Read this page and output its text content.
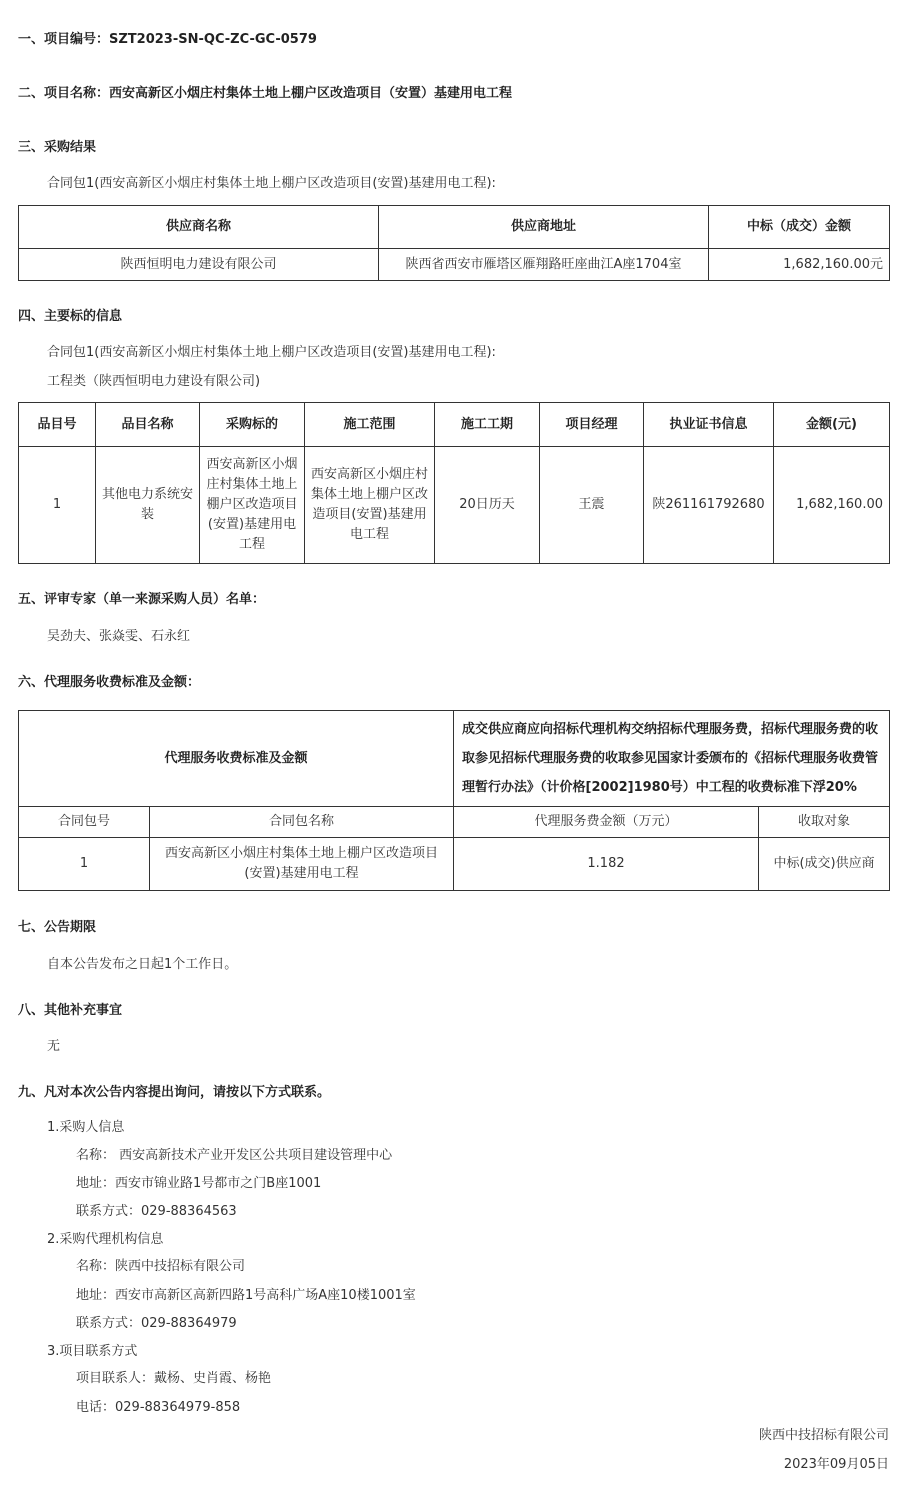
一、项目编号：SZT2023-SN-QC-ZC-GC-0579
二、项目名称：西安高新区小烟庄村集体土地上棚户区改造项目（安置）基建用电工程
三、采购结果
合同包1(西安高新区小烟庄村集体土地上棚户区改造项目(安置)基建用电工程):
供应商名称	供应商地址	中标（成交）金额
陕西恒明电力建设有限公司	陕西省西安市雁塔区雁翔路旺座曲江A座1704室	1,682,160.00元
四、主要标的信息
合同包1(西安高新区小烟庄村集体土地上棚户区改造项目(安置)基建用电工程):
工程类（陕西恒明电力建设有限公司)
品目号	品目名称	采购标的	施工范围	施工工期	项目经理	执业证书信息	金额(元)
1	其他电力系统安装	西安高新区小烟庄村集体土地上棚户区改造项目(安置)基建用电工程	西安高新区小烟庄村集体土地上棚户区改造项目(安置)基建用电工程	20日历天	王震	陕261161792680	1,682,160.00
五、评审专家（单一来源采购人员）名单：
吴劲夫、张焱雯、石永红
六、代理服务收费标准及金额：
代理服务收费标准及金额		成交供应商应向招标代理机构交纳招标代理服务费，招标代理服务费的收取参见招标代理服务费的收取参见国家计委颁布的《招标代理服务收费管理暂行办法》（计价格[2002]1980号）中工程的收费标准下浮20%	
合同包号	合同包名称	代理服务费金额（万元）	收取对象
1	西安高新区小烟庄村集体土地上棚户区改造项目(安置)基建用电工程	1.182	中标(成交)供应商
七、公告期限
自本公告发布之日起1个工作日。
八、其他补充事宜
无
九、凡对本次公告内容提出询问，请按以下方式联系。
1.采购人信息
名称： 西安高新技术产业开发区公共项目建设管理中心
地址：西安市锦业路1号都市之门B座1001
联系方式：029-88364563
2.采购代理机构信息
名称：陕西中技招标有限公司
地址：西安市高新区高新四路1号高科广场A座10楼1001室
联系方式：029-88364979
3.项目联系方式
项目联系人：戴杨、史肖霞、杨艳
电话：029-88364979-858
陕西中技招标有限公司
2023年09月05日
